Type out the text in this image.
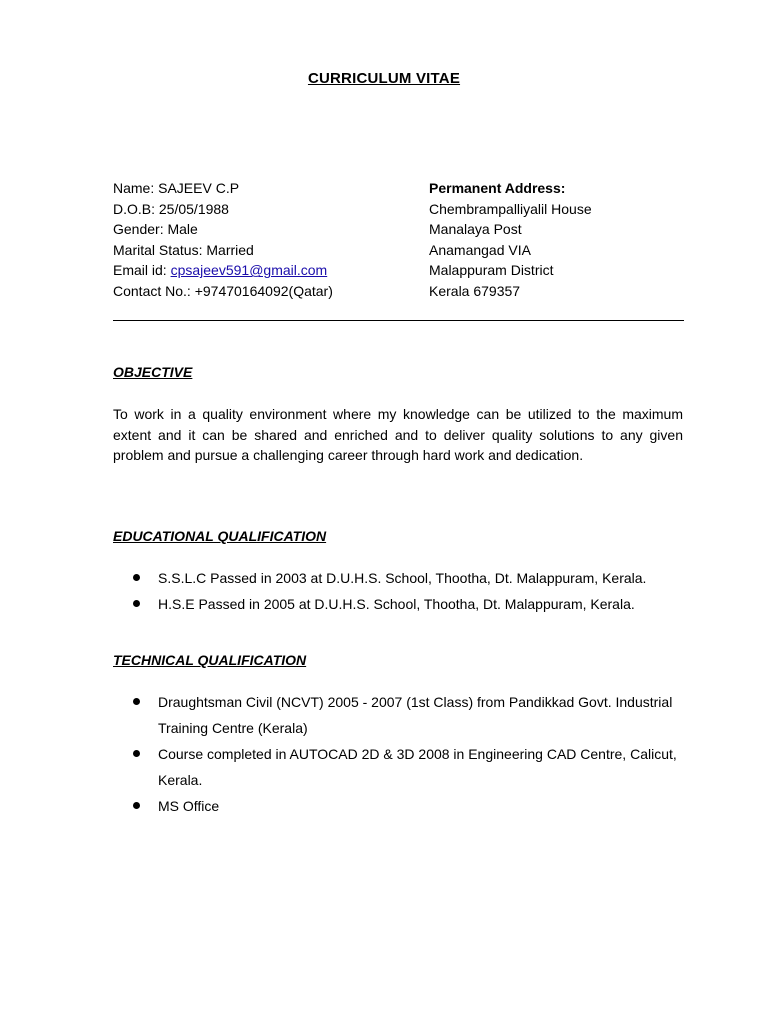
CURRICULUM VITAE
Name: SAJEEV C.P
D.O.B: 25/05/1988
Gender: Male
Marital Status: Married
Email id: cpsajeev591@gmail.com
Contact No.: +97470164092(Qatar)
Permanent Address:
Chembrampalliyalil House
Manalaya Post
Anamangad VIA
Malappuram District
Kerala 679357
OBJECTIVE
To work in a quality environment where my knowledge can be utilized to the maximum extent and it can be shared and enriched and to deliver quality solutions to any given problem and pursue a challenging career through hard work and dedication.
EDUCATIONAL QUALIFICATION
S.S.L.C Passed in 2003 at D.U.H.S. School, Thootha, Dt. Malappuram, Kerala.
H.S.E Passed in 2005 at D.U.H.S. School, Thootha, Dt. Malappuram, Kerala.
TECHNICAL QUALIFICATION
Draughtsman Civil (NCVT) 2005 - 2007 (1st Class) from Pandikkad Govt. Industrial Training Centre (Kerala)
Course completed in AUTOCAD 2D & 3D 2008 in Engineering CAD Centre, Calicut, Kerala.
MS Office
